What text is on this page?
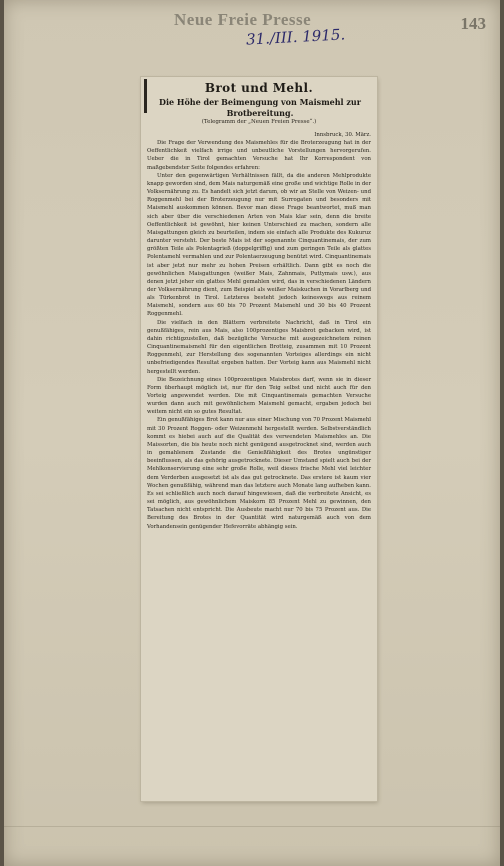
Neue Freie Presse	143
31./III. 1915.
Brot und Mehl.
Die Höhe der Beimengung von Maismehl zur Brotbereitung.
(Telegramm der „Neuen Freien Presse“.)

Innsbruck, 30. März.

Die Frage der Verwendung des Maismehles für die Broterzeugung hat in der Oeffentlichkeit vielfach irrige und unbeutliche Vorstellungen hervorgerufen. Ueber die in Tirol gemachten Versuche hat Ihr Korrespondent von maßgebendster Seite folgendes erfahren:

Unter den gegenwärtigen Verhältnissen fällt, da die anderen Mehlprodukte knapp geworden sind, dem Mais naturgemäß eine große und wichtige Rolle in der Volksernährung zu. Es handelt sich jetzt darum, ob wir an Stelle von Weizen- und Roggenmehl bei der Broterzeugung nur mit Surrogaten und besonders mit Maismehl auskommen können. Bevor man diese Frage beantwortet, muß man sich aber über die verschiedenen Arten von Mais klar sein, denn die breite Oeffentlichkeit ist gewöhnt, hier keinen Unterschied zu machen, sondern alle Maisgattungen gleich zu beurteilen, indem sie einfach alle Produkte des Kukuruz darunter versteht. Der beste Mais ist der sogenannte Cinquantinemais, der zum größten Teile als Polentagrieß (doppelgriffig) und zum geringen Teile als glattes Polentamehl vermahlen und zur Polentaerzeugung benützt wird. Cinquantinemais ist aber jetzt nur mehr zu hohen Preisen erhältlich. Dann gibt es noch die gewöhnlichen Maisgattungen (weißer Mais, Zahnmais, Puttymais usw.), aus denen jetzt jeher ein glattes Mehl gemahlen wird, das in verschiedenen Ländern der Volksernährung dient, zum Beispiel als weißer Maiskuchen in Vorarlberg und als Türkenbrot in Tirol. Letzteres besteht jedoch keineswegs aus reinem Maismehl, sondern aus 60 bis 70 Prozent Maismehl und 30 bis 40 Prozent Roggenmehl.

Die vielfach in den Blättern verbreitete Nachricht, daß in Tirol ein genußfähiges, rein aus Mais, also 100prozentiges Maisbrot gebacken wird, ist dahin richtigzustellen, daß bezügliche Versuche mit ausgezeichnetem reinen Cinquantinemaismehl für den eigentlichen Brotteig, zusammen mit 10 Prozent Roggenmehl, zur Herstellung des sogenannten Vorteiges allerdings ein nicht unbefriedigendes Resultat ergeben hatten. Der Vorteig kann aus Maismehl nicht hergestellt werden.

Die Bezeichnung eines 100prozentigen Maisbrotes darf, wenn sie in dieser Form überhaupt möglich ist, nur für den Teig selbst und nicht auch für den Vorteig angewendet werden. Die mit Cinquantinemais gemachten Versuche wurden dann auch mit gewöhnlichem Maismehl gemacht, ergaben jedoch bei weitem nicht ein so gutes Resultat.

Ein genußfähiges Brot kann nur aus einer Mischung von 70 Prozent Maismehl mit 30 Prozent Roggen- oder Weizenmehl hergestellt werden. Selbstverständlich kommt es hiebei auch auf die Qualität des verwendeten Maismehles an. Die Maissorten, die bis heute noch nicht genügend ausgetrocknet sind, werden auch in gemahlenem Zustande die Genießfähigkeit des Brotes ungünstiger beeinflussen, als das gehörig ausgetrocknete. Dieser Umstand spielt auch bei der Mehlkonservierung eine sehr große Rolle, weil dieses frische Mehl viel leichter dem Verderben ausgesetzt ist als das gut getrocknete. Das erstere ist kaum vier Wochen genußfähig, während man das letztere auch Monate lang aufheben kann. Es sei schließlich auch noch darauf hingewiesen, daß die verbreitete Ansicht, es sei möglich, aus gewöhnlichem Maiskorn 85 Prozent Mehl zu gewinnen, den Tatsachen nicht entspricht. Die Ausbeute macht nur 70 bis 75 Prozent aus. Die Bereitung des Brotes in der Quantität wird naturgemäß auch von dem Vorhandensein genügender Hefevorräte abhängig sein.
